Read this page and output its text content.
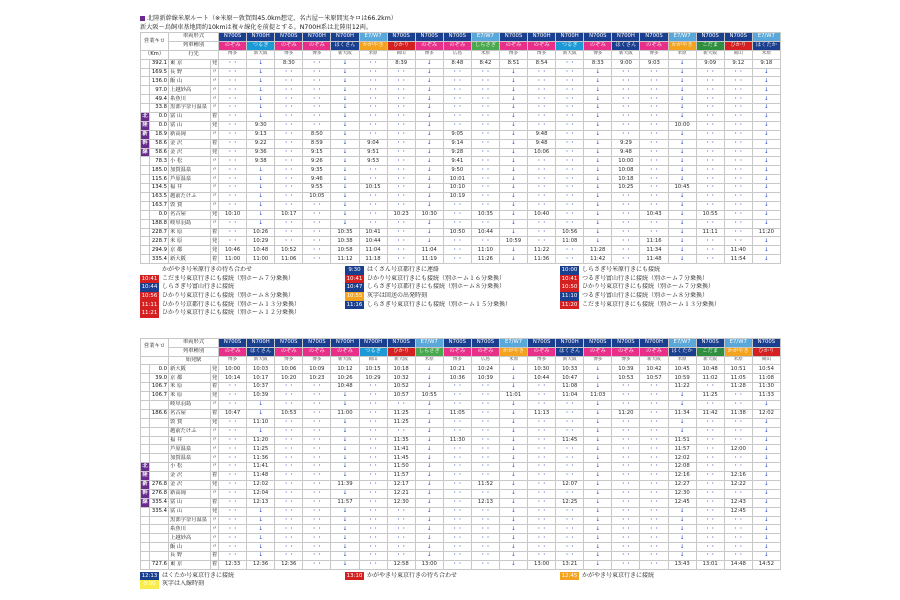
北陸新幹線米原ルート（※米原～敦賀間45.0km想定、名古屋～米原間実キロは66.2km）
新大阪～鳥飼車基地間約10kmは複々線化を前提とする。N700H系は北陸用12両。
営業キロ		車両形式		N700S	N700H	N700S	N700H	N700H	E7/W7	N700S	N700S	N700S	E7/W7	N700S	N700H	N700H	N700S	N700H	N700S	E7/W7	N700S	N700S	E7/W7
		列車種別		のぞみ	つるぎ	のぞみ	のぞみ	はくさん	かがやき	ひかり	のぞみ	のぞみ	しらさぎ	のぞみ	のぞみ	つるぎ	のぞみ	はくさん	のぞみ	かがやき	こだま	ひかり	はくたか
（Km）		行先		博多	新大阪	博多	博多	新大阪	米原	岡山	博多	広島	米原	博多	博多	新大阪	博多	新大阪	博多	米原	新大阪	岡山	米原
	392.1	東 京	発	・・	↓	8:30	・・	↓	・・	8:39	↓	8:48	8:42	8:51	8:54	・・	8:33	9:00	9:03	↓	9:09	9:12	9:18
	169.5	長 野	〃	・・	↓	・・	・・	↓	・・	・・	↓	・・	・・	↓	・・	・・	↓	・・	・・	↓	・・	・・	↓
	136.0	飯 山	〃	・・	↓	・・	・・	↓	・・	・・	↓	・・	・・	↓	・・	・・	↓	・・	・・	↓	・・	・・	↓
	97.0	上越妙高	〃	・・	↓	・・	・・	↓	・・	・・	↓	・・	・・	↓	・・	・・	↓	・・	・・	↓	・・	・・	↓
	49.4	糸魚川	〃	・・	↓	・・	・・	↓	・・	・・	↓	・・	・・	↓	・・	・・	↓	・・	・・	↓	・・	・・	↓
	33.8	黒部宇奈月温泉	〃	・・	↓	・・	・・	↓	・・	・・	↓	・・	・・	↓	・・	・・	↓	・・	・・	↓	・・	・・	↓
北	0.0	富 山	着	・・	↓	・・	・・	↓	・・	・・	↓	・・	・・	↓	・・	・・	↓	・・	・・	↓	・・	・・	↓
陸	0.0	富 山	発	・・	9:30	・・	・・	↓	・・	・・	↓	・・	・・	↓	・・	・・	↓	・・	・・	10:00	・・	・・	↓
新	18.9	新高岡	〃	・・	9:13	・・	8:50	↓	・・	・・	↓	9:05	・・	↓	9:48	・・	↓	・・	・・	↓	・・	・・	↓
幹	58.6	金 沢	着	・・	9:22	・・	8:59	↓	9:04	・・	↓	9:14	・・	↓	9:48	・・	↓	9:29	・・	↓	・・	・・	↓
線	58.6	金 沢	発	・・	9:36	・・	9:15	↓	9:51	・・	↓	9:28	・・	↓	10:06	・・	↓	9:48	・・	↓	・・	・・	↓
	78.3	小 松	〃	・・	9:38	・・	9:26	↓	9:53	・・	↓	9:41	・・	↓	・・	・・	↓	10:00	・・	↓	・・	・・	↓
	185.0	加賀温泉	〃	・・	↓	・・	9:35	↓	・・	・・	↓	9:50	・・	↓	・・	・・	↓	10:08	・・	↓	・・	・・	↓
	115.6	芦原温泉	〃	・・	↓	・・	9:46	↓	・・	・・	↓	10:01	・・	↓	・・	・・	↓	10:18	・・	↓	・・	・・	↓
	134.5	福 井	〃	・・	↓	・・	9:55	↓	10:15	・・	↓	10:10	・・	↓	・・	・・	↓	10:25	・・	10:45	・・	・・	↓
	163.5	越前たけふ	〃	・・	↓	・・	10:05	↓	・・	・・	↓	10:19	・・	↓	・・	・・	↓	・・	・・	↓	・・	・・	↓
	163.7	敦 賀	〃	・・	↓	・・	・・	↓	・・	・・	↓	・・	・・	↓	・・	・・	↓	・・	・・	↓	・・	・・	↓
	0.0	名古屋	発	10:10	↓	10:17	・・	↓	・・	10:23	10:30	・・	10:35	↓	10:40	・・	↓	・・	10:43	↓	10:55	・・	↓
	188.8	岐阜羽島	〃	・・	↓	・・	・・	↓	・・	・・	↓	・・	・・	↓	・・	・・	↓	・・	・・	↓	・・	・・	↓
	228.7	米 原	着	・・	10:26	・・	・・	10:35	10:41	・・	↓	10:50	10:44	↓	・・	10:56	↓	・・	・・	↓	11:11	・・	11:20
	228.7	米 原	発	・・	10:29	・・	・・	10:38	10:44	・・	↓	・・	・・	10:59	・・	11:08	↓	・・	11:16	↓	・・	・・	↓
	294.9	京 都	発	10:46	10:48	10:52	・・	10:58	11:04	・・	11:04	・・	11:10	↓	11:22	・・	11:28	・・	11:34	↓	・・	11:40	↓
	335.4	新大阪	着	11:00	11:00	11:06	・・	11:12	11:18	・・	11:19	・・	11:26	↓	11:36	・・	11:42	・・	11:48	↓	・・	11:54	↓
かがやき号米原行きの待ち合わせ	9:30 はくさん号京都行きに連絡	10:00 しらさぎ号米原行きにも接続
10:41 こだま号東京行きにも接続（別ホーム７分乗換）	10:41 ひかり号東京行きにも接続（別ホーム１６分乗換）	10:41 つるぎ号富山行きに接続（別ホーム７分乗換）
10:44 しらさぎ号富山行きに接続	10:47 しらさぎ号京都行きにも接続（別ホーム８分乗換）	10:50 ひかり号東京行きにも接続（別ホーム７分乗換）
10:56 ひかり号東京行きにも接続（別ホーム８分乗換）	10:55 灰字は回送の出発時刻	11:10 つるぎ号富山行きに接続（別ホーム８分乗換）
11:11 ひかり号京都行きにも接続（別ホーム１３分乗換）	11:16 しらさぎ号東京行きにも接続（別ホーム１５分乗換）	11:20 こだま号東京行きにも接続（別ホーム１３分乗換）
11:21 ひかり号東京行きにも接続（別ホーム１２分乗換）
営業キロ		車両形式		N700S	N700H	N700S	N700S	N700H	N700H	N700S	E7/W7	N700S	N700S	E7/W7	N700S	N700H	N700S	N700S	N700H	E7/W7	N700S	E7/W7	N700S
		列車種別		のぞみ	はくさん	のぞみ	のぞみ	のぞみ	つるぎ	ひかり	しらさぎ	のぞみ	のぞみ	かがやき	のぞみ	はくさん	のぞみ	のぞみ	のぞみ	はくたか	こだま	かがやき	ひかり
		始発駅		博多	新大阪	博多	博多	新大阪	岡山	新大阪	米原	博多	広島	米原	博多	新大阪	博多	博多	新大阪	米原	新大阪	米原	岡山
	0.0	新大阪	発	10:00	10:03	10:06	10:09	10:12	10:15	10:18	↓	10:21	10:24	↓	10:30	10:33	↓	10:39	10:42	10:45	10:48	10:51	10:54
	39.0	京 都	発	10:14	10:17	10:20	10:23	10:26	10:29	10:32	↓	10:36	10:39	↓	10:44	10:47	↓	10:53	10:57	10:59	11:02	11:05	11:08
	106.7	米 原	着	・・	10:37	・・	・・	10:48	・・	10:52	↓	・・	・・	↓	・・	11:08	↓	・・	・・	11:22	・・	11:28	11:30
	106.7	米 原	発	・・	10:39	・・	・・	↓	・・	10:57	10:55	・・	・・	11:01	・・	11:04	11:03	・・	・・	↓	11:25	・・	11:33
		岐阜羽島	〃	・・	↓	・・	・・	↓	・・	・・	↓	・・	・・	↓	・・	・・	↓	・・	・・	↓	・・	・・	↓
	186.6	名古屋	着	10:47	↓	10:53	・・	11:00	・・	11:25	↓	11:05	・・	↓	11:13	・・	↓	11:20	・・	11:34	11:42	11:38	12:02
		敦 賀	発	・・	11:10	・・	・・	↓	・・	11:25	↓	・・	・・	↓	・・	・・	↓	・・	・・	↓	・・	・・	↓
		越前たけふ	〃	・・	↓	・・	・・	↓	・・	・・	↓	・・	・・	↓	・・	・・	↓	・・	・・	↓	・・	・・	↓
		福 井	〃	・・	11:20	・・	・・	↓	・・	11:35	↓	11:30	・・	↓	・・	11:45	↓	・・	・・	11:51	・・	・・	↓
		芦原温泉	〃	・・	11:25	・・	・・	↓	・・	11:41	↓	・・	・・	↓	・・	・・	↓	・・	・・	11:57	・・	12:00	↓
		加賀温泉	〃	・・	11:36	・・	・・	↓	・・	11:45	↓	・・	・・	↓	・・	・・	↓	・・	・・	12:02	・・	・・	↓
北		小 松	〃	・・	11:41	・・	・・	↓	・・	11:50	↓	・・	・・	↓	・・	・・	↓	・・	・・	12:08	・・	・・	↓
陸		金 沢	着	・・	11:48	・・	・・	↓	・・	11:57	↓	・・	・・	↓	・・	・・	↓	・・	・・	12:16	・・	12:16	↓
新	276.8	金 沢	発	・・	12:02	・・	・・	11:39	・・	12:17	↓	・・	11:52	↓	・・	12:07	↓	・・	・・	12:27	・・	12:22	↓
幹	276.8	新高岡	〃	・・	12:04	・・	・・	↓	・・	12:21	↓	・・	・・	↓	・・	・・	↓	・・	・・	12:30	・・	・・	↓
線	335.4	富 山	着	・・	12:13	・・	・・	11:57	・・	12:30	↓	・・	12:13	↓	・・	12:25	↓	・・	・・	12:45	・・	12:43	↓
	335.4	富 山	発	・・	↓	・・	・・	↓	・・	・・	↓	・・	・・	↓	・・	・・	↓	・・	・・	↓	・・	12:45	↓
		黒部宇奈月温泉	〃	・・	↓	・・	・・	↓	・・	・・	↓	・・	・・	↓	・・	・・	↓	・・	・・	↓	・・	・・	↓
		糸魚川	〃	・・	↓	・・	・・	↓	・・	・・	↓	・・	・・	↓	・・	・・	↓	・・	・・	↓	・・	・・	↓
		上越妙高	〃	・・	↓	・・	・・	↓	・・	・・	↓	・・	・・	↓	・・	・・	↓	・・	・・	↓	・・	・・	↓
		飯 山	〃	・・	↓	・・	・・	↓	・・	・・	↓	・・	・・	↓	・・	・・	↓	・・	・・	↓	・・	・・	↓
		長 野	着	・・	↓	・・	・・	↓	・・	・・	↓	・・	・・	↓	・・	・・	↓	・・	・・	↓	・・	・・	↓
	727.6	東 京	着	12:33	12:36	12:36	・・	↓	・・	12:58	13:00	・・	・・	↓	13:00	13:21	↓	・・	・・	13:43	13:01	14:48	14:52
12:13 はくたか号東京行きに接続	13:10 かがやき号東京行きの待ち合わせ	12:45 かがやき号東京行きに接続
0:00 灰字は入線時刻
